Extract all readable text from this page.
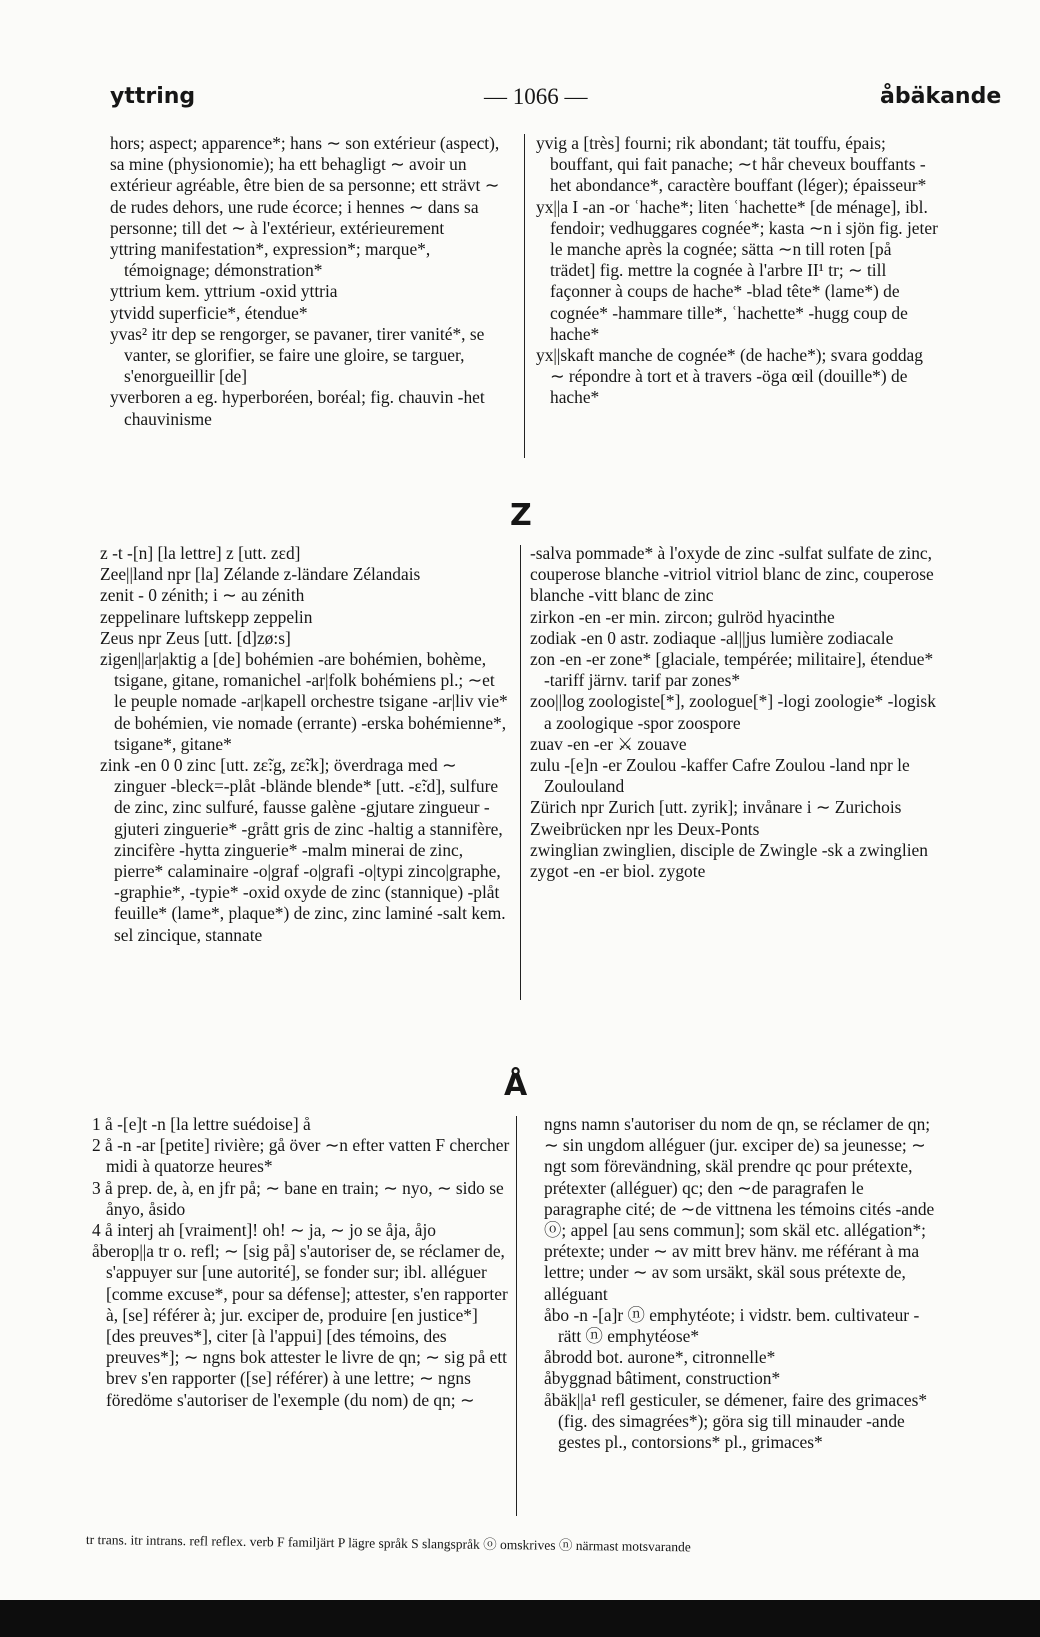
yttring	— 1066 —	åbäkande

hors; aspect; apparence*; hans ∼ son extérieur (aspect), sa mine (physionomie); ha ett behagligt ∼ avoir un extérieur agréable, être bien de sa personne; ett strävt ∼ de rudes dehors, une rude écorce; i hennes ∼ dans sa personne; till det ∼ à l'extérieur, extérieurement

yttring manifestation*, expression*; marque*, témoignage; démonstration*

yttrium kem. yttrium -oxid yttria

ytvidd superficie*, étendue*

yvas² itr dep se rengorger, se pavaner, tirer vanité*, se vanter, se glorifier, se faire une gloire, se targuer, s'enorgueillir [de]

yverboren a eg. hyperboréen, boréal; fig. chauvin -het chauvinisme

yvig a [très] fourni; rik abondant; tät touffu, épais; bouffant, qui fait panache; ∼t hår cheveux bouffants -het abondance*, caractère bouffant (léger); épaisseur*

yx||a I -an -or ʿhache*; liten ʿhachette* [de ménage], ibl. fendoir; vedhuggares cognée*; kasta ∼n i sjön fig. jeter le manche après la cognée; sätta ∼n till roten [på trädet] fig. mettre la cognée à l'arbre II¹ tr; ∼ till façonner à coups de hache* -blad tête* (lame*) de cognée* -hammare tille*, ʿhachette* -hugg coup de hache*

yx||skaft manche de cognée* (de hache*); svara goddag ∼ répondre à tort et à travers -öga œil (douille*) de hache*

Z

z -t -[n] [la lettre] z [utt. zɛd]

Zee||land npr [la] Zélande z-ländare Zélandais

zenit - 0 zénith; i ∼ au zénith

zeppelinare luftskepp zeppelin

Zeus npr Zeus [utt. [d]zø:s]

zigen||ar|aktig a [de] bohémien -are bohémien, bohème, tsigane, gitane, romanichel -ar|folk bohémiens pl.; ∼et le peuple nomade -ar|kapell orchestre tsigane -ar|liv vie* de bohémien, vie nomade (errante) -erska bohémienne*, tsigane*, gitane*

zink -en 0 0 zinc [utt. zɛ̃:g, zɛ̃:k]; överdraga med ∼ zinguer -bleck=-plåt -blände blende* [utt. -ɛ̃:d], sulfure de zinc, zinc sulfuré, fausse galène -gjutare zingueur -gjuteri zinguerie* -grått gris de zinc -haltig a stannifère, zincifère -hytta zinguerie* -malm minerai de zinc, pierre* calaminaire -o|graf -o|grafi -o|typi zinco|graphe, -graphie*, -typie* -oxid oxyde de zinc (stannique) -plåt feuille* (lame*, plaque*) de zinc, zinc laminé -salt kem. sel zincique, stannate

-salva pommade* à l'oxyde de zinc -sulfat sulfate de zinc, couperose blanche -vitriol vitriol blanc de zinc, couperose blanche -vitt blanc de zinc

zirkon -en -er min. zircon; gulröd hyacinthe

zodiak -en 0 astr. zodiaque -al||jus lumière zodiacale

zon -en -er zone* [glaciale, tempérée; militaire], étendue* -tariff järnv. tarif par zones*

zoo||log zoologiste[*], zoologue[*] -logi zoologie* -logisk a zoologique -spor zoospore

zuav -en -er ⚔ zouave

zulu -[e]n -er Zoulou -kaffer Cafre Zoulou -land npr le Zoulouland

Zürich npr Zurich [utt. zyrik]; invånare i ∼ Zurichois

Zweibrücken npr les Deux-Ponts

zwinglian zwinglien, disciple de Zwingle -sk a zwinglien

zygot -en -er biol. zygote

Å

1 å -[e]t -n [la lettre suédoise] å

2 å -n -ar [petite] rivière; gå över ∼n efter vatten F chercher midi à quatorze heures*

3 å prep. de, à, en jfr på; ∼ bane en train; ∼ nyo, ∼ sido se ånyo, åsido

4 å interj ah [vraiment]! oh! ∼ ja, ∼ jo se åja, åjo

åberop||a tr o. refl; ∼ [sig på] s'autoriser de, se réclamer de, s'appuyer sur [une autorité], se fonder sur; ibl. alléguer [comme excuse*, pour sa défense]; attester, s'en rapporter à, [se] référer à; jur. exciper de, produire [en justice*] [des preuves*], citer [à l'appui] [des témoins, des preuves*]; ∼ ngns bok attester le livre de qn; ∼ sig på ett brev s'en rapporter ([se] référer) à une lettre; ∼ ngns föredöme s'autoriser de l'exemple (du nom) de qn; ∼

ngns namn s'autoriser du nom de qn, se réclamer de qn; ∼ sin ungdom alléguer (jur. exciper de) sa jeunesse; ∼ ngt som förevändning, skäl prendre qc pour prétexte, prétexter (alléguer) qc; den ∼de paragrafen le paragraphe cité; de ∼de vittnena les témoins cités -ande ⓞ; appel [au sens commun]; som skäl etc. allégation*; prétexte; under ∼ av mitt brev hänv. me référant à ma lettre; under ∼ av som ursäkt, skäl sous prétexte de, alléguant

åbo -n -[a]r ⓝ emphytéote; i vidstr. bem. cultivateur -rätt ⓝ emphytéose*

åbrodd bot. aurone*, citronnelle*

åbyggnad bâtiment, construction*

åbäk||a¹ refl gesticuler, se démener, faire des grimaces* (fig. des simagrées*); göra sig till minauder -ande gestes pl., contorsions* pl., grimaces*

tr trans. itr intrans. refl reflex. verb F familjärt P lägre språk S slangspråk ⓞ omskrives ⓝ närmast motsvarande
